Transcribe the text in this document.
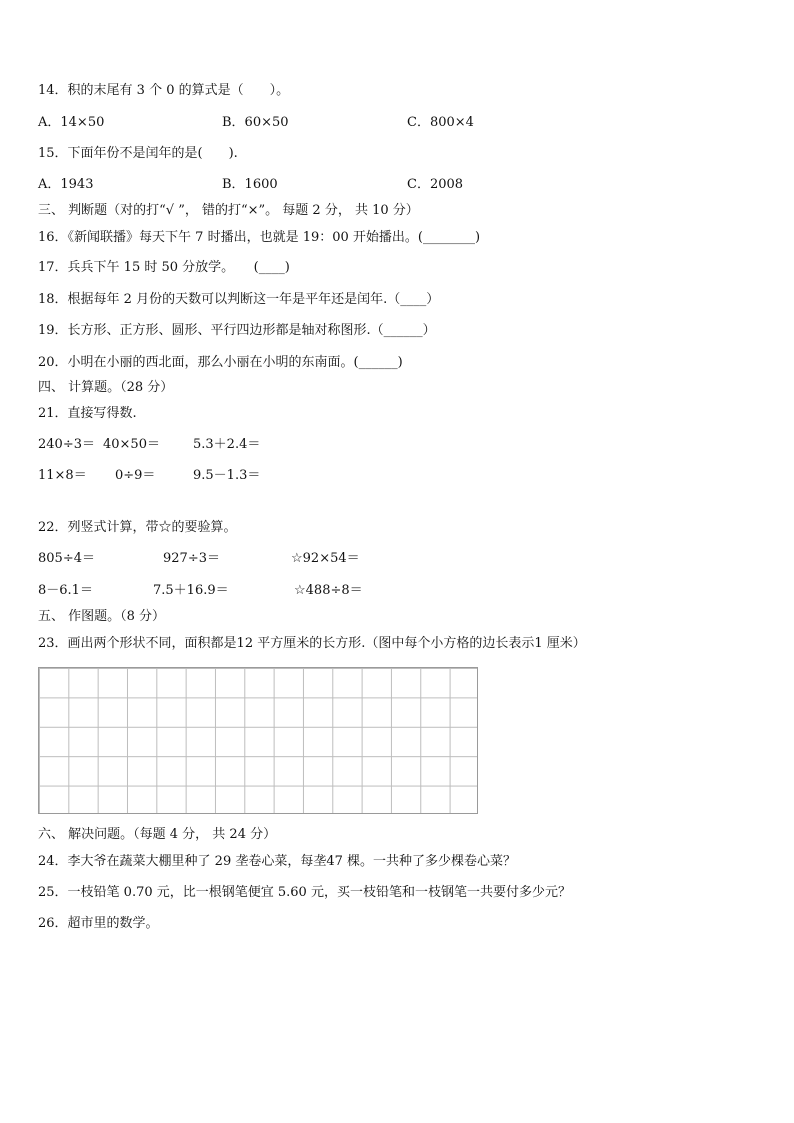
14．积的末尾有 3 个 0 的算式是（　　）。
A．14×50	B．60×50	C．800×4
15．下面年份不是闰年的是(　　).
A．1943	B．1600	C．2008
三、 判断题（对的打“√ ”， 错的打“×”。 每题 2 分， 共 10 分）
16．《新闻联播》每天下午 7 时播出，也就是 19：00 开始播出。(________)
17．兵兵下午 15 时 50 分放学。　　(____)
18．根据每年 2 月份的天数可以判断这一年是平年还是闰年.（____）
19．长方形、正方形、圆形、平行四边形都是轴对称图形.（______）
20．小明在小丽的西北面，那么小丽在小明的东南面。(______)
四、 计算题。（28 分）
21．直接写得数.
240÷3＝ 40×50＝	5.3＋2.4＝
11×8＝ 0÷9＝	9.5－1.3＝
22．列竖式计算，带☆的要验算。
805÷4＝	927÷3＝	☆92×54＝
8－6.1＝	7.5＋16.9＝	☆488÷8＝
五、 作图题。（8 分）
23．画出两个形状不同，面积都是12 平方厘米的长方形.（图中每个小方格的边长表示1 厘米）
六、 解决问题。（每题 4 分， 共 24 分）
24．李大爷在蔬菜大棚里种了 29 垄卷心菜，每垄47 棵。一共种了多少棵卷心菜？
25．一枝铅笔 0.70 元，比一根钢笔便宜 5.60 元，买一枝铅笔和一枝钢笔一共要付多少元？
26．超市里的数学。
